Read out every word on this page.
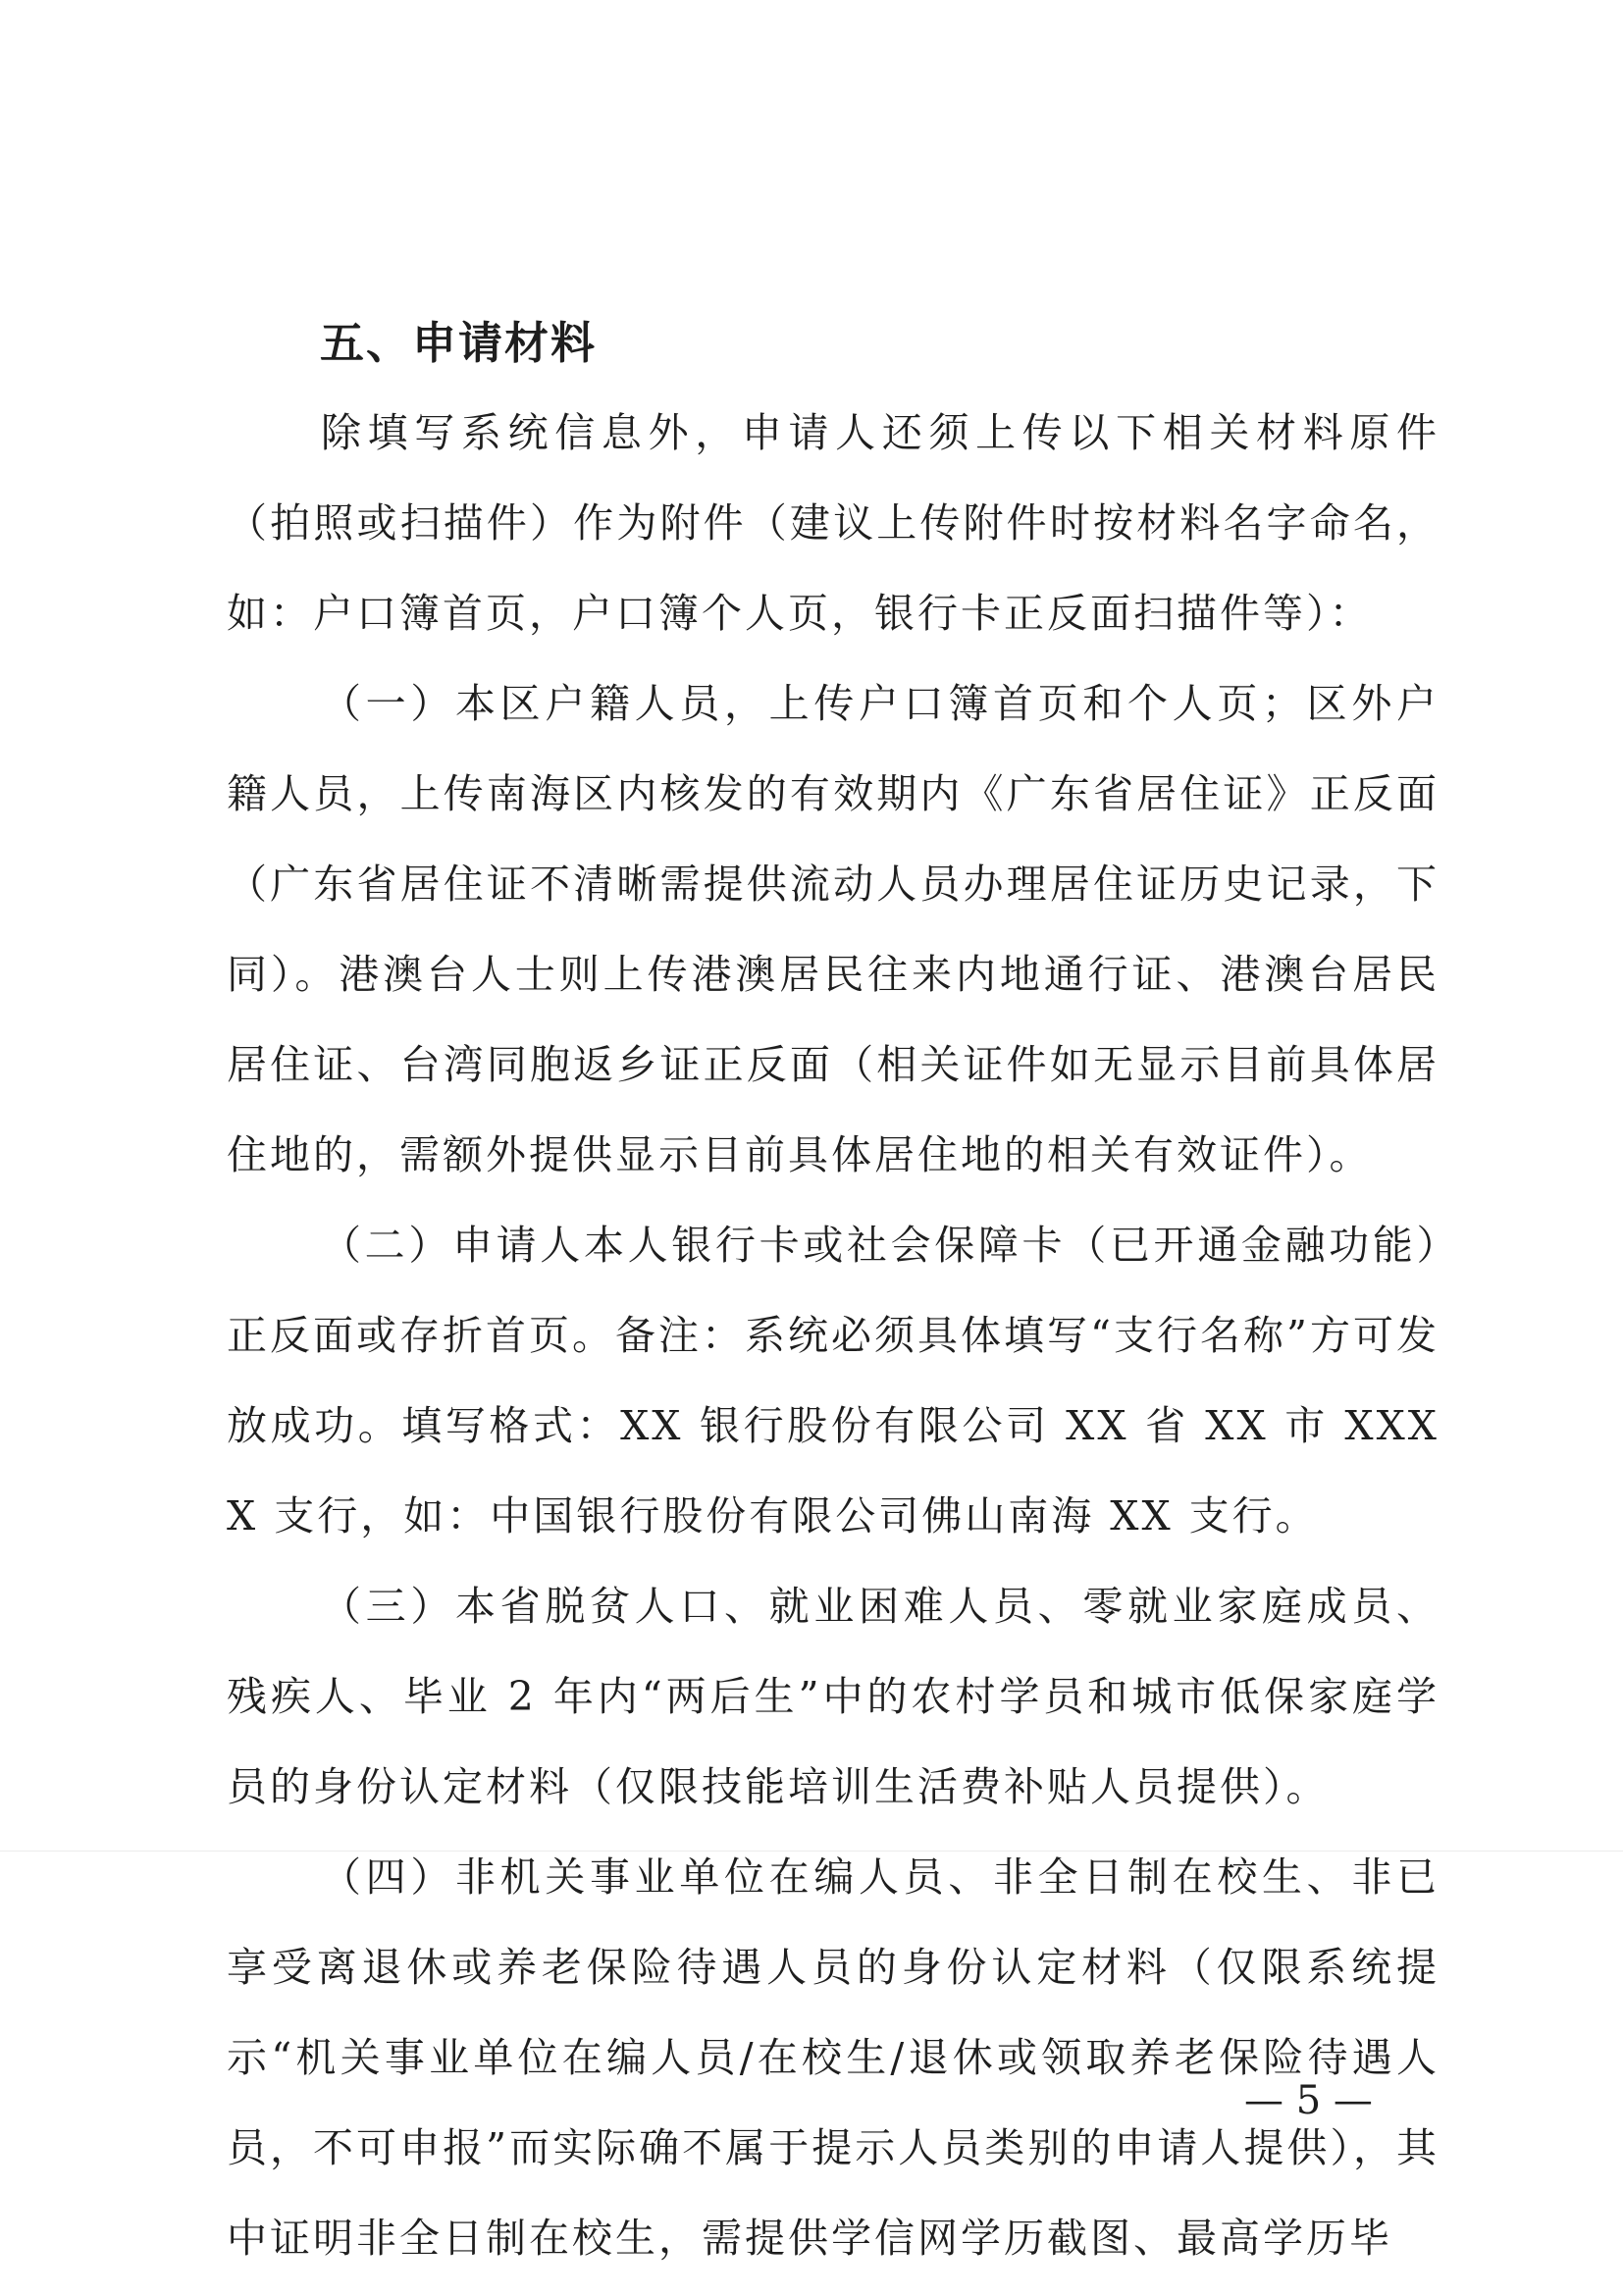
五、申请材料

除填写系统信息外，申请人还须上传以下相关材料原件（拍照或扫描件）作为附件（建议上传附件时按材料名字命名，如：户口簿首页，户口簿个人页，银行卡正反面扫描件等）：

（一）本区户籍人员，上传户口簿首页和个人页；区外户籍人员，上传南海区内核发的有效期内《广东省居住证》正反面（广东省居住证不清晰需提供流动人员办理居住证历史记录，下同）。港澳台人士则上传港澳居民往来内地通行证、港澳台居民居住证、台湾同胞返乡证正反面（相关证件如无显示目前具体居住地的，需额外提供显示目前具体居住地的相关有效证件）。

（二）申请人本人银行卡或社会保障卡（已开通金融功能）正反面或存折首页。备注：系统必须具体填写“支行名称”方可发放成功。填写格式：XX 银行股份有限公司 XX 省 XX 市 XXXX 支行，如：中国银行股份有限公司佛山南海 XX 支行。

（三）本省脱贫人口、就业困难人员、零就业家庭成员、残疾人、毕业 2 年内“两后生”中的农村学员和城市低保家庭学员的身份认定材料（仅限技能培训生活费补贴人员提供）。

（四）非机关事业单位在编人员、非全日制在校生、非已享受离退休或养老保险待遇人员的身份认定材料（仅限系统提示“机关事业单位在编人员/在校生/退休或领取养老保险待遇人员，不可申报”而实际确不属于提示人员类别的申请人提供），其中证明非全日制在校生，需提供学信网学历截图、最高学历毕

— 5 —
